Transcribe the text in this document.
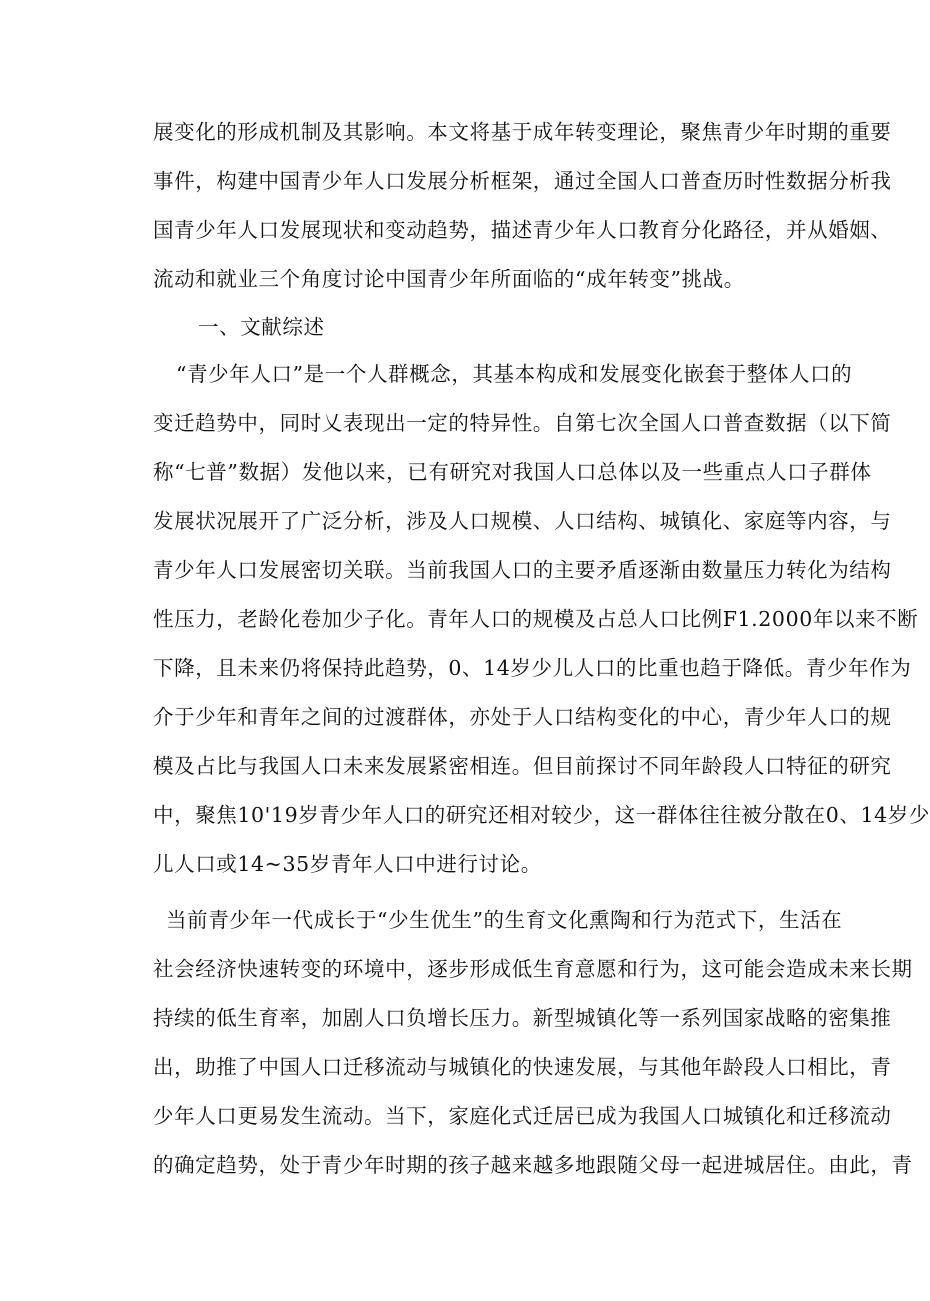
展变化的形成机制及其影响。本文将基于成年转变理论，聚焦青少年时期的重要
事件，构建中国青少年人口发展分析框架，通过全国人口普查历时性数据分析我
国青少年人口发展现状和变动趋势，描述青少年人口教育分化路径，并从婚姻、
流动和就业三个角度讨论中国青少年所面临的“成年转变”挑战。
一、文献综述
“青少年人口”是一个人群概念，其基本构成和发展变化嵌套于整体人口的
变迁趋势中，同时乂表现出一定的特异性。自第七次全国人口普查数据（以下简
称“七普”数据）发他以来，已有研究对我国人口总体以及一些重点人口子群体
发展状况展开了广泛分析，涉及人口规模、人口结构、城镇化、家庭等内容，与
青少年人口发展密切关联。当前我国人口的主要矛盾逐渐由数量压力转化为结构
性压力，老龄化卷加少子化。青年人口的规模及占总人口比例F1.2000年以来不断
下降，且未来仍将保持此趋势，0、14岁少儿人口的比重也趋于降低。青少年作为
介于少年和青年之间的过渡群体，亦处于人口结构变化的中心，青少年人口的规
模及占比与我国人口未来发展紧密相连。但目前探讨不同年龄段人口特征的研究
中，聚焦10'19岁青少年人口的研究还相对较少，这一群体往往被分散在0、14岁少
儿人口或14~35岁青年人口中进行讨论。
当前青少年一代成长于“少生优生”的生育文化熏陶和行为范式下，生活在
社会经济快速转变的环境中，逐步形成低生育意愿和行为，这可能会造成未来长期
持续的低生育率，加剧人口负增长压力。新型城镇化等一系列国家战略的密集推
出，助推了中国人口迁移流动与城镇化的快速发展，与其他年龄段人口相比，青
少年人口更易发生流动。当下，家庭化式迁居已成为我国人口城镇化和迁移流动
的确定趋势，处于青少年时期的孩子越来越多地跟随父母一起进城居住。由此，青
